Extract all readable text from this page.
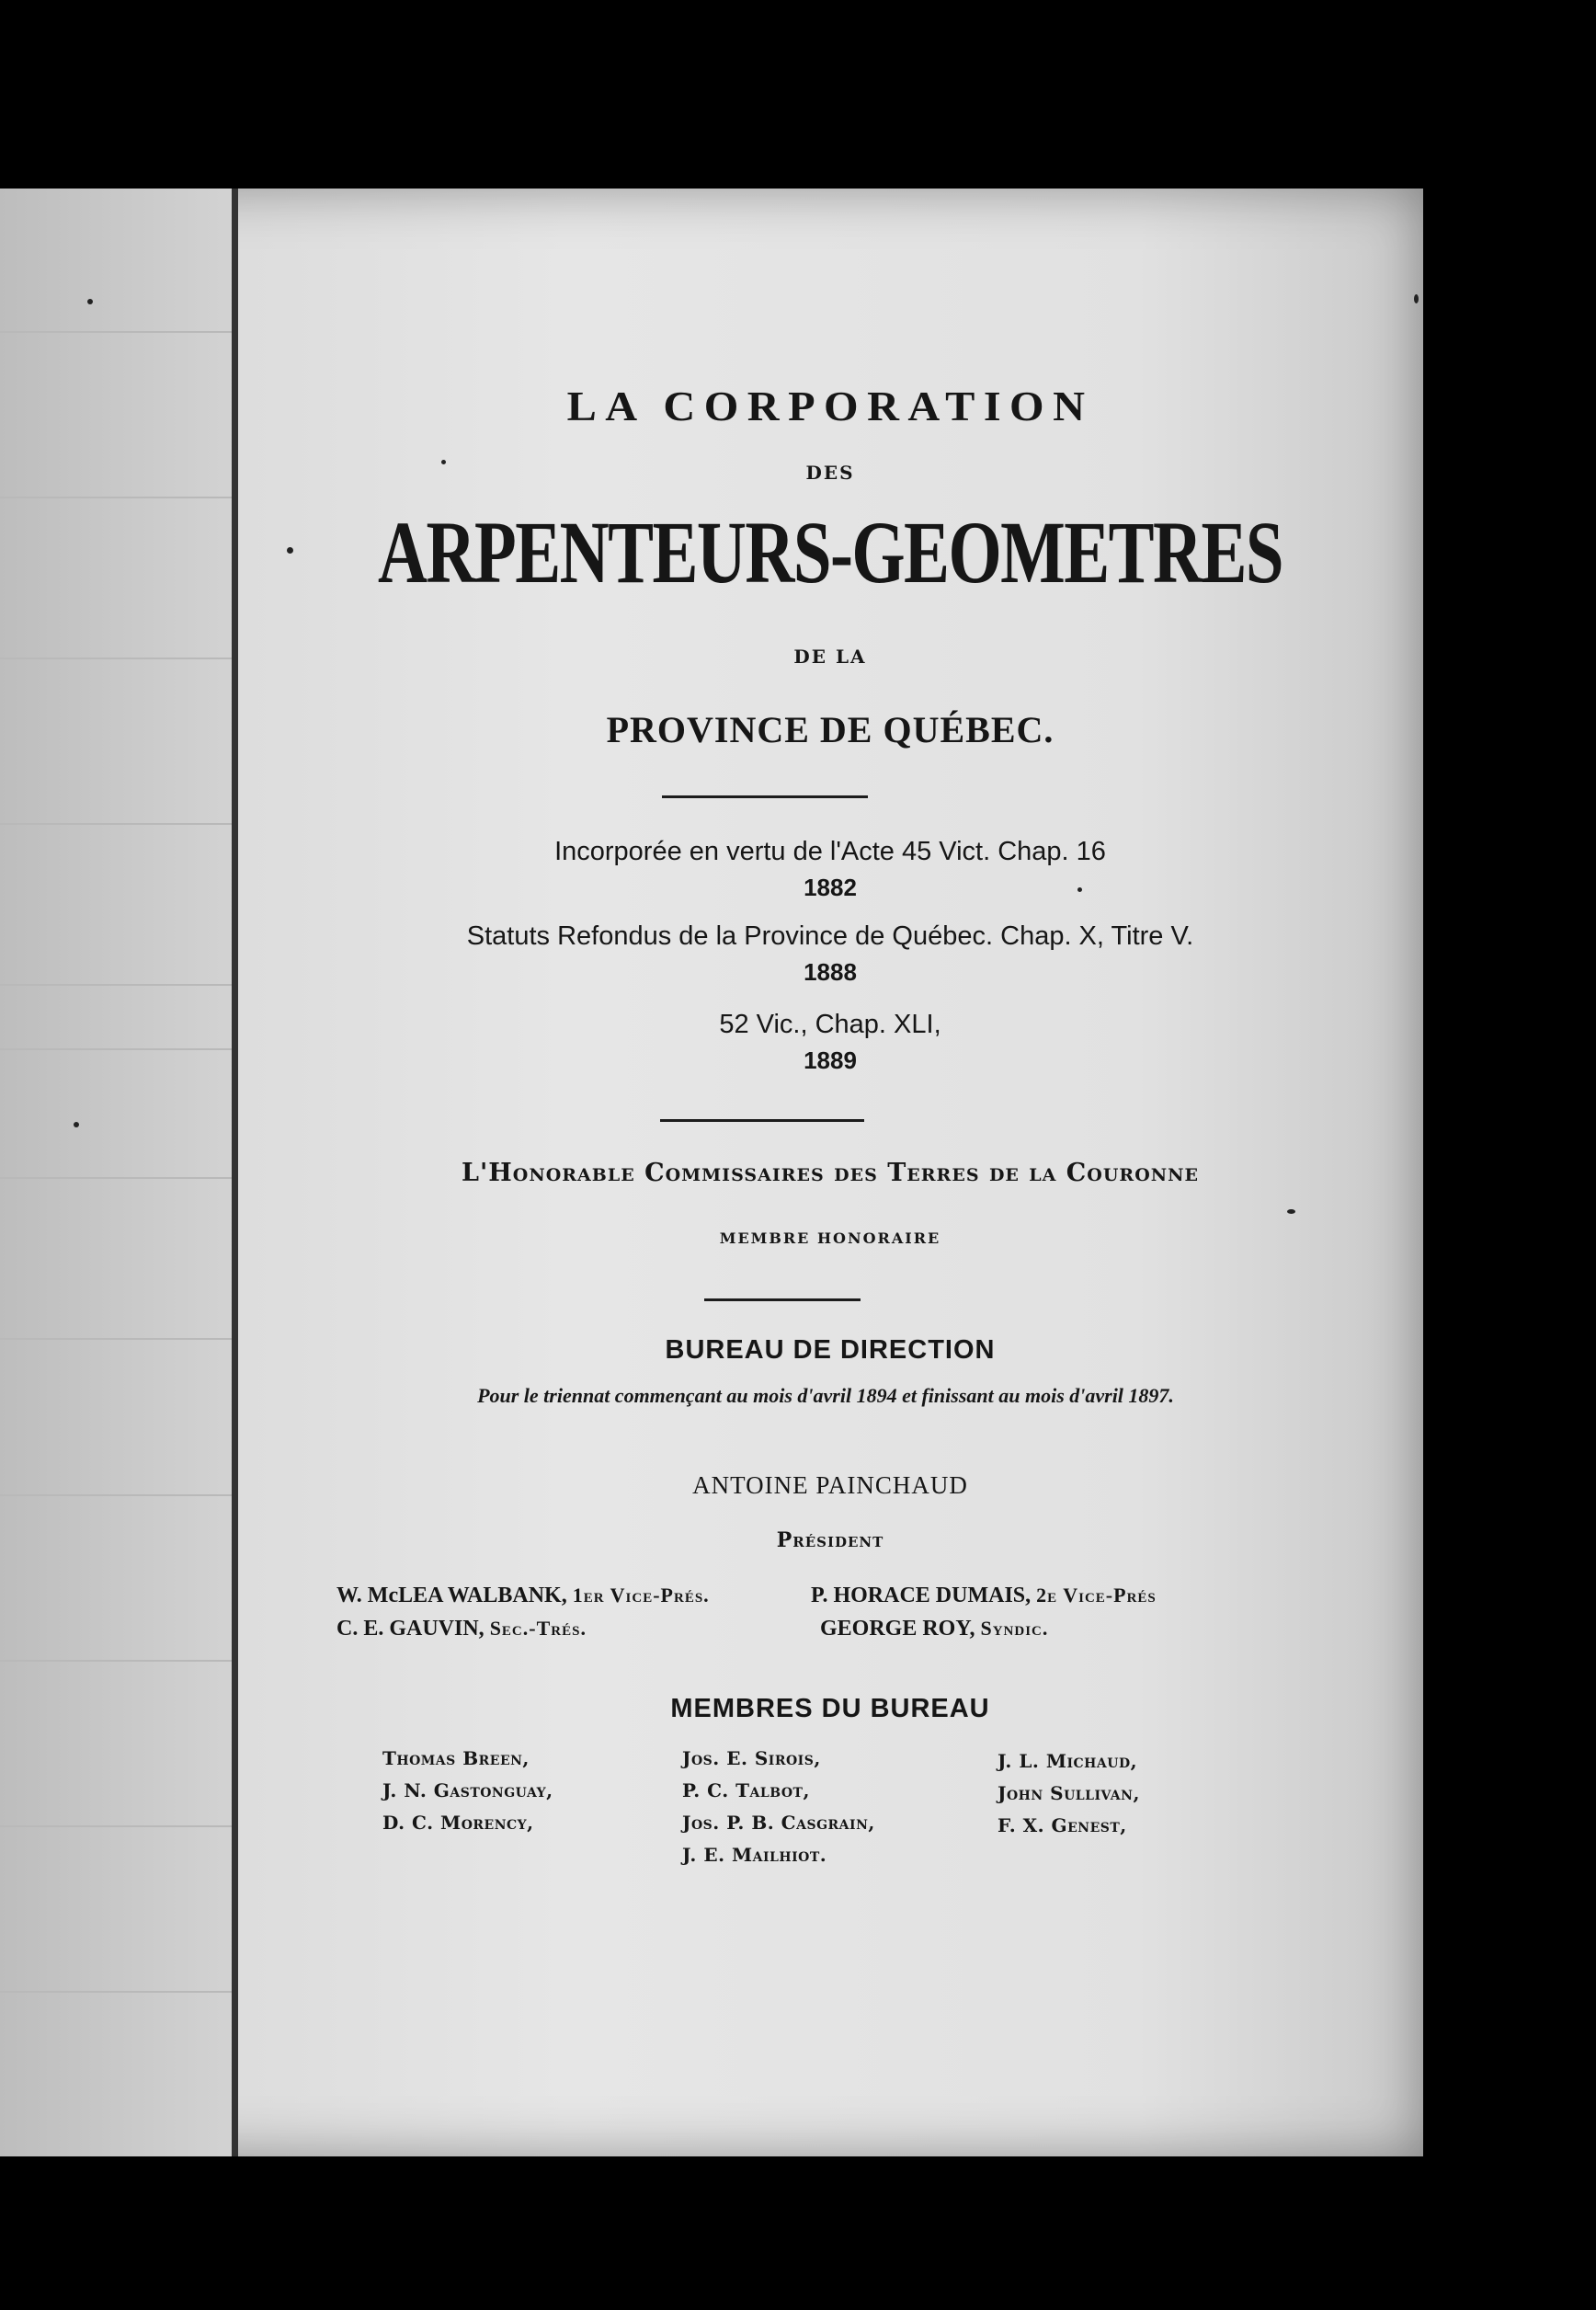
LA CORPORATION

DES

ARPENTEURS-GEOMETRES

DE LA

PROVINCE DE QUÉBEC.

Incorporée en vertu de l'Acte 45 Vict. Chap. 16

1882

Statuts Refondus de la Province de Québec. Chap. X, Titre V.

1888

52 Vic., Chap. XLI,

1889

L'Honorable Commissaires des Terres de la Couronne

MEMBRE HONORAIRE

BUREAU DE DIRECTION

Pour le triennat commençant au mois d'avril 1894 et finissant au mois d'avril 1897.

ANTOINE PAINCHAUD

Président

W. McLEA WALBANK, 1er Vice-Prés.	P. HORACE DUMAIS, 2e Vice-Prés
C. E. GAUVIN, Sec.-Trés.	GEORGE ROY, Syndic.

MEMBRES DU BUREAU

Thomas Breen,
J. N. Gastonguay,
D. C. Morency,
Jos. E. Sirois,
P. C. Talbot,
Jos. P. B. Casgrain,
J. E. Mailhiot.
J. L. Michaud,
John Sullivan,
F. X. Genest,
